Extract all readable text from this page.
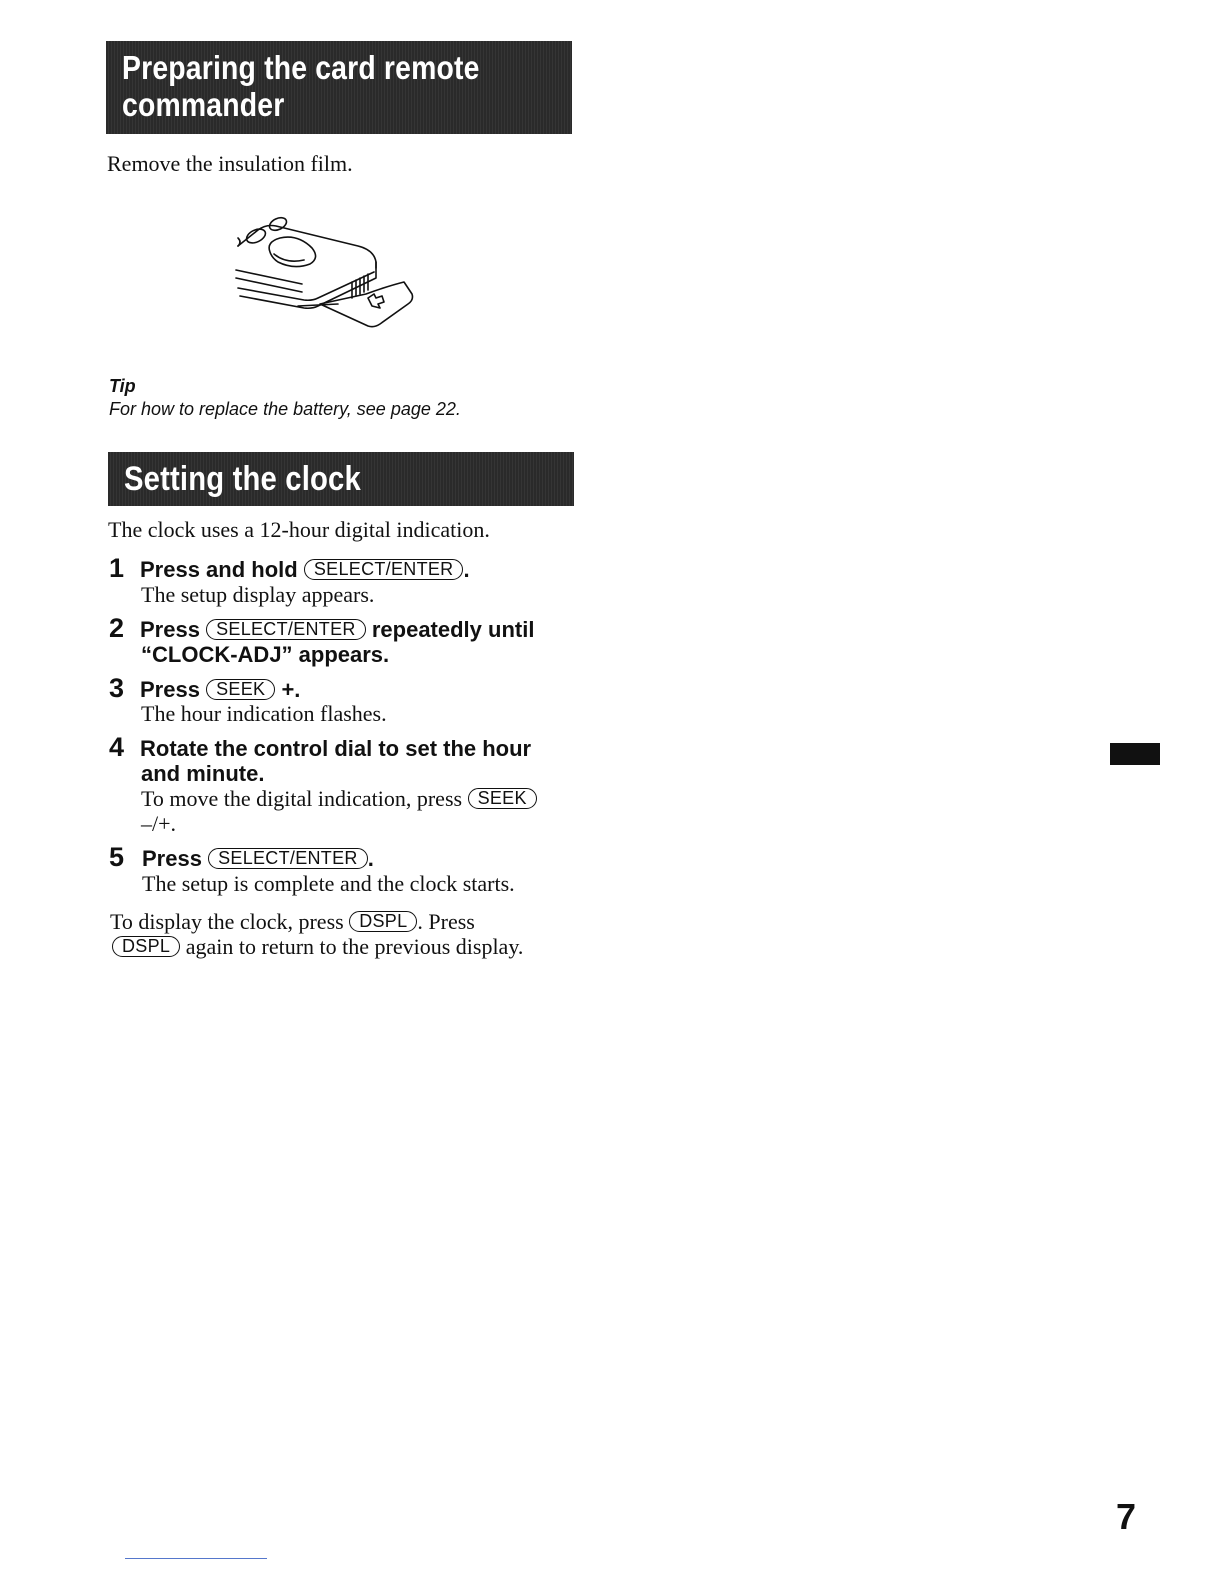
Preparing the card remote
commander
Remove the insulation film.
Tip
For how to replace the battery, see page 22.
Setting the clock
The clock uses a 12-hour digital indication.
1 Press and hold SELECT/ENTER .
The setup display appears.
2 Press SELECT/ENTER repeatedly until
“CLOCK-ADJ” appears.
3 Press SEEK +.
The hour indication flashes.
4 Rotate the control dial to set the hour
and minute.
To move the digital indication, press SEEK
–/+.
5 Press SELECT/ENTER .
The setup is complete and the clock starts.
To display the clock, press DSPL . Press
DSPL again to return to the previous display.
7
